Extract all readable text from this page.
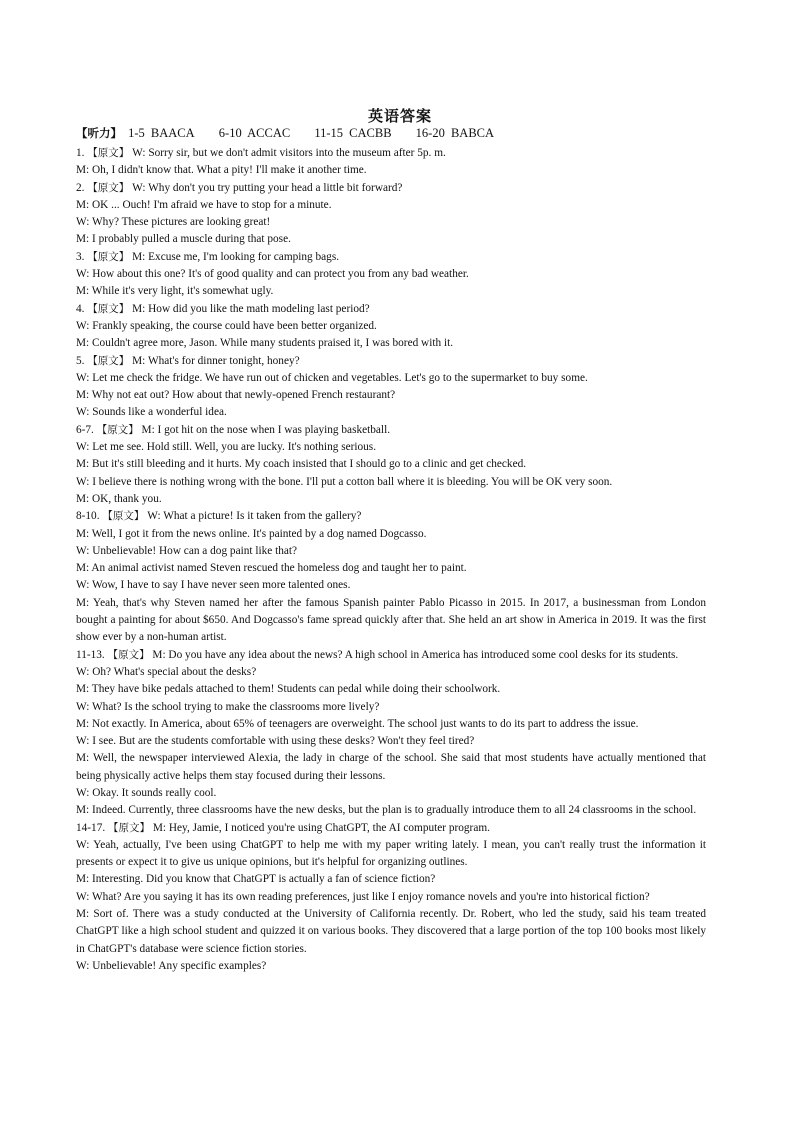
英语答案
【听力】 1-5 BAACA 6-10 ACCAC 11-15 CACBB 16-20 BABCA
1. 【原文】 W: Sorry sir, but we don't admit visitors into the museum after 5p. m.
M: Oh, I didn't know that. What a pity! I'll make it another time.
2. 【原文】 W: Why don't you try putting your head a little bit forward?
M: OK ... Ouch! I'm afraid we have to stop for a minute.
W: Why? These pictures are looking great!
M: I probably pulled a muscle during that pose.
3. 【原文】 M: Excuse me, I'm looking for camping bags.
W: How about this one? It's of good quality and can protect you from any bad weather.
M: While it's very light, it's somewhat ugly.
4. 【原文】 M: How did you like the math modeling last period?
W: Frankly speaking, the course could have been better organized.
M: Couldn't agree more, Jason. While many students praised it, I was bored with it.
5. 【原文】 M: What's for dinner tonight, honey?
W: Let me check the fridge. We have run out of chicken and vegetables. Let's go to the supermarket to buy some.
M: Why not eat out? How about that newly-opened French restaurant?
W: Sounds like a wonderful idea.
6-7. 【原文】 M: I got hit on the nose when I was playing basketball.
W: Let me see. Hold still. Well, you are lucky. It's nothing serious.
M: But it's still bleeding and it hurts. My coach insisted that I should go to a clinic and get checked.
W: I believe there is nothing wrong with the bone. I'll put a cotton ball where it is bleeding. You will be OK very soon.
M: OK, thank you.
8-10. 【原文】 W: What a picture! Is it taken from the gallery?
M: Well, I got it from the news online. It's painted by a dog named Dogcasso.
W: Unbelievable! How can a dog paint like that?
M: An animal activist named Steven rescued the homeless dog and taught her to paint.
W: Wow, I have to say I have never seen more talented ones.
M: Yeah, that's why Steven named her after the famous Spanish painter Pablo Picasso in 2015. In 2017, a businessman from London bought a painting for about $650. And Dogcasso's fame spread quickly after that. She held an art show in America in 2019. It was the first show ever by a non-human artist.
11-13. 【原文】 M: Do you have any idea about the news? A high school in America has introduced some cool desks for its students.
W: Oh? What's special about the desks?
M: They have bike pedals attached to them! Students can pedal while doing their schoolwork.
W: What? Is the school trying to make the classrooms more lively?
M: Not exactly. In America, about 65% of teenagers are overweight. The school just wants to do its part to address the issue.
W: I see. But are the students comfortable with using these desks? Won't they feel tired?
M: Well, the newspaper interviewed Alexia, the lady in charge of the school. She said that most students have actually mentioned that being physically active helps them stay focused during their lessons.
W: Okay. It sounds really cool.
M: Indeed. Currently, three classrooms have the new desks, but the plan is to gradually introduce them to all 24 classrooms in the school.
14-17. 【原文】 M: Hey, Jamie, I noticed you're using ChatGPT, the AI computer program.
W: Yeah, actually, I've been using ChatGPT to help me with my paper writing lately. I mean, you can't really trust the information it presents or expect it to give us unique opinions, but it's helpful for organizing outlines.
M: Interesting. Did you know that ChatGPT is actually a fan of science fiction?
W: What? Are you saying it has its own reading preferences, just like I enjoy romance novels and you're into historical fiction?
M: Sort of. There was a study conducted at the University of California recently. Dr. Robert, who led the study, said his team treated ChatGPT like a high school student and quizzed it on various books. They discovered that a large portion of the top 100 books most likely in ChatGPT's database were science fiction stories.
W: Unbelievable! Any specific examples?
